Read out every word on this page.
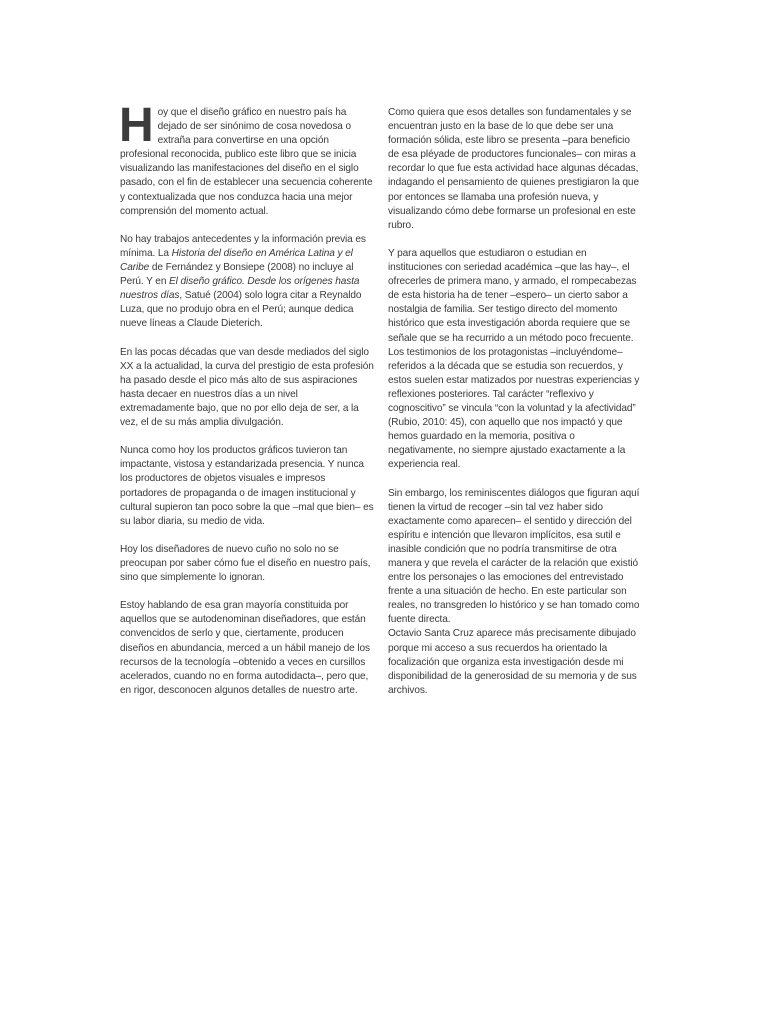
Hoy que el diseño gráfico en nuestro país ha dejado de ser sinónimo de cosa novedosa o extraña para convertirse en una opción profesional reconocida, publico este libro que se inicia visualizando las manifestaciones del diseño en el siglo pasado, con el fin de establecer una secuencia coherente y contextualizada que nos conduzca hacia una mejor comprensión del momento actual.

No hay trabajos antecedentes y la información previa es mínima. La Historia del diseño en América Latina y el Caribe de Fernández y Bonsiepe (2008) no incluye al Perú. Y en El diseño gráfico. Desde los orígenes hasta nuestros días, Satué (2004) solo logra citar a Reynaldo Luza, que no produjo obra en el Perú; aunque dedica nueve líneas a Claude Dieterich.

En las pocas décadas que van desde mediados del siglo XX a la actualidad, la curva del prestigio de esta profesión ha pasado desde el pico más alto de sus aspiraciones hasta decaer en nuestros días a un nivel extremadamente bajo, que no por ello deja de ser, a la vez, el de su más amplia divulgación.

Nunca como hoy los productos gráficos tuvieron tan impactante, vistosa y estandarizada presencia. Y nunca los productores de objetos visuales e impresos portadores de propaganda o de imagen institucional y cultural supieron tan poco sobre la que –mal que bien– es su labor diaria, su medio de vida.

Hoy los diseñadores de nuevo cuño no solo no se preocupan por saber cómo fue el diseño en nuestro país, sino que simplemente lo ignoran.

Estoy hablando de esa gran mayoría constituida por aquellos que se autodenominan diseñadores, que están convencidos de serlo y que, ciertamente, producen diseños en abundancia, merced a un hábil manejo de los recursos de la tecnología –obtenido a veces en cursillos acelerados, cuando no en forma autodidacta–, pero que, en rigor, desconocen algunos detalles de nuestro arte.

Como quiera que esos detalles son fundamentales y se encuentran justo en la base de lo que debe ser una formación sólida, este libro se presenta –para beneficio de esa pléyade de productores funcionales– con miras a recordar lo que fue esta actividad hace algunas décadas, indagando el pensamiento de quienes prestigiaron la que por entonces se llamaba una profesión nueva, y visualizando cómo debe formarse un profesional en este rubro.

Y para aquellos que estudiaron o estudian en instituciones con seriedad académica –que las hay–, el ofrecerles de primera mano, y armado, el rompecabezas de esta historia ha de tener –espero– un cierto sabor a nostalgia de familia. Ser testigo directo del momento histórico que esta investigación aborda requiere que se señale que se ha recurrido a un método poco frecuente. Los testimonios de los protagonistas –incluyéndome– referidos a la década que se estudia son recuerdos, y estos suelen estar matizados por nuestras experiencias y reflexiones posteriores. Tal carácter “reflexivo y cognoscitivo” se vincula “con la voluntad y la afectividad” (Rubio, 2010: 45), con aquello que nos impactó y que hemos guardado en la memoria, positiva o negativamente, no siempre ajustado exactamente a la experiencia real.

Sin embargo, los reminiscentes diálogos que figuran aquí tienen la virtud de recoger –sin tal vez haber sido exactamente como aparecen– el sentido y dirección del espíritu e intención que llevaron implícitos, esa sutil e inasible condición que no podría transmitirse de otra manera y que revela el carácter de la relación que existió entre los personajes o las emociones del entrevistado frente a una situación de hecho. En este particular son reales, no transgreden lo histórico y se han tomado como fuente directa.

Octavio Santa Cruz aparece más precisamente dibujado porque mi acceso a sus recuerdos ha orientado la focalización que organiza esta investigación desde mi disponibilidad de la generosidad de su memoria y de sus archivos.
